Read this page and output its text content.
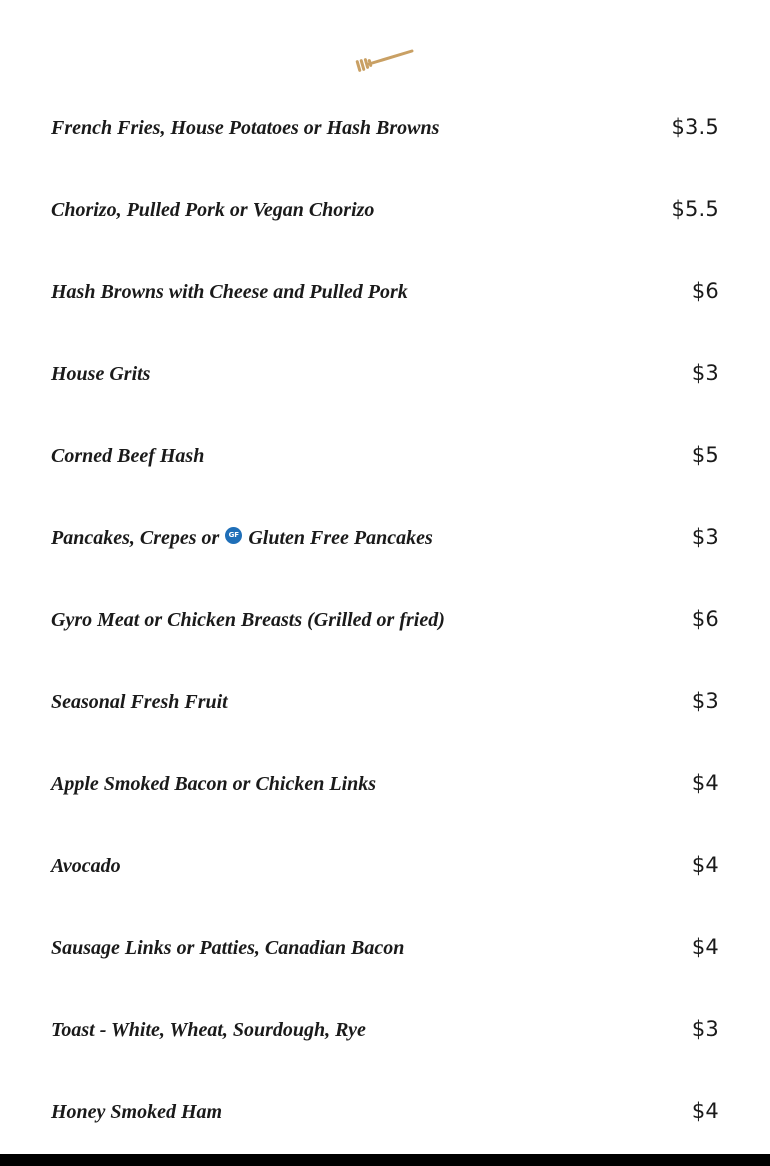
French Fries, House Potatoes or Hash Browns	$3.5
Chorizo, Pulled Pork or Vegan Chorizo	$5.5
Hash Browns with Cheese and Pulled Pork	$6
House Grits	$3
Corned Beef Hash	$5
Pancakes, Crepes or	GF Gluten Free Pancakes	$3
Gyro Meat or Chicken Breasts (Grilled or fried)	$6
Seasonal Fresh Fruit	$3
Apple Smoked Bacon or Chicken Links	$4
Avocado	$4
Sausage Links or Patties, Canadian Bacon	$4
Toast - White, Wheat, Sourdough, Rye	$3
Honey Smoked Ham	$4
